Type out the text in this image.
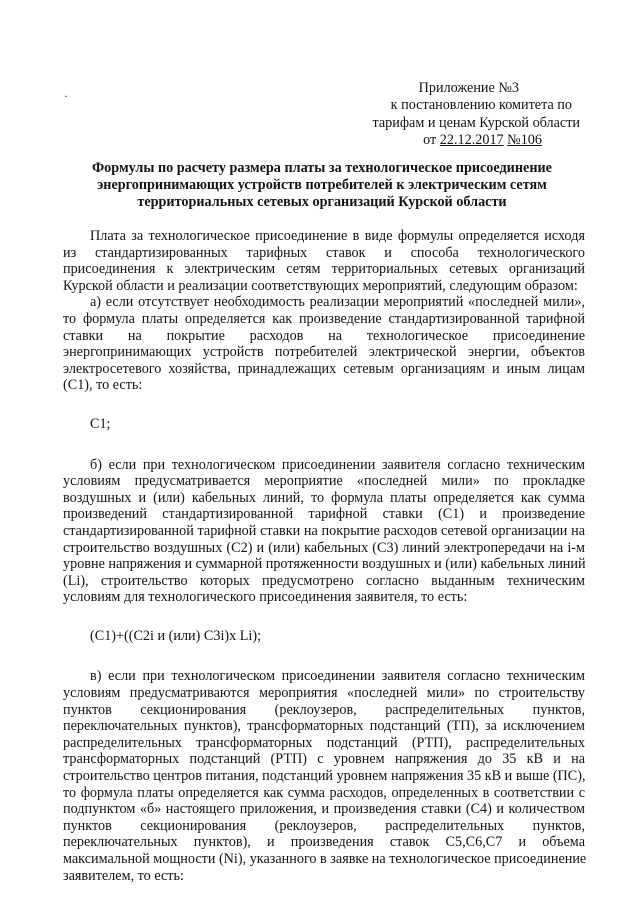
·	Приложение №3
к постановлению комитета по
тарифам и ценам Курской области
от 22.12.2017 №106
Формулы по расчету размера платы за технологическое присоединение
энергопринимающих устройств потребителей к электрическим сетям
территориальных сетевых организаций Курской области
Плата за технологическое присоединение в виде формулы определяется исходя
из стандартизированных тарифных ставок и способа технологического
присоединения к электрическим сетям территориальных сетевых организаций
Курской области и реализации соответствующих мероприятий, следующим образом:
а) если отсутствует необходимость реализации мероприятий «последней мили»,
то формула платы определяется как произведение стандартизированной тарифной
ставки на покрытие расходов на технологическое присоединение
энергопринимающих устройств потребителей электрической энергии, объектов
электросетевого хозяйства, принадлежащих сетевым организациям и иным лицам
(С1), то есть:
С1;
б) если при технологическом присоединении заявителя согласно техническим
условиям предусматривается мероприятие «последней мили» по прокладке
воздушных и (или) кабельных линий, то формула платы определяется как сумма
произведений стандартизированной тарифной ставки (С1) и произведение
стандартизированной тарифной ставки на покрытие расходов сетевой организации на
строительство воздушных (С2) и (или) кабельных (С3) линий электропередачи на i-м
уровне напряжения и суммарной протяженности воздушных и (или) кабельных линий
(Li), строительство которых предусмотрено согласно выданным техническим
условиям для технологического присоединения заявителя, то есть:
(С1)+((С2i и (или) С3i)х Li);
в) если при технологическом присоединении заявителя согласно техническим
условиям предусматриваются мероприятия «последней мили» по строительству
пунктов секционирования (реклоузеров, распределительных пунктов,
переключательных пунктов), трансформаторных подстанций (ТП), за исключением
распределительных трансформаторных подстанций (РТП), распределительных
трансформаторных подстанций (РТП) с уровнем напряжения до 35 кВ и на
строительство центров питания, подстанций уровнем напряжения 35 кВ и выше (ПС),
то формула платы определяется как сумма расходов, определенных в соответствии с
подпунктом «б» настоящего приложения, и произведения ставки (С4) и количеством
пунктов секционирования (реклоузеров, распределительных пунктов,
переключательных пунктов), и произведения ставок С5,С6,С7 и объема
максимальной мощности (Ni), указанного в заявке на технологическое присоединение
заявителем, то есть:
